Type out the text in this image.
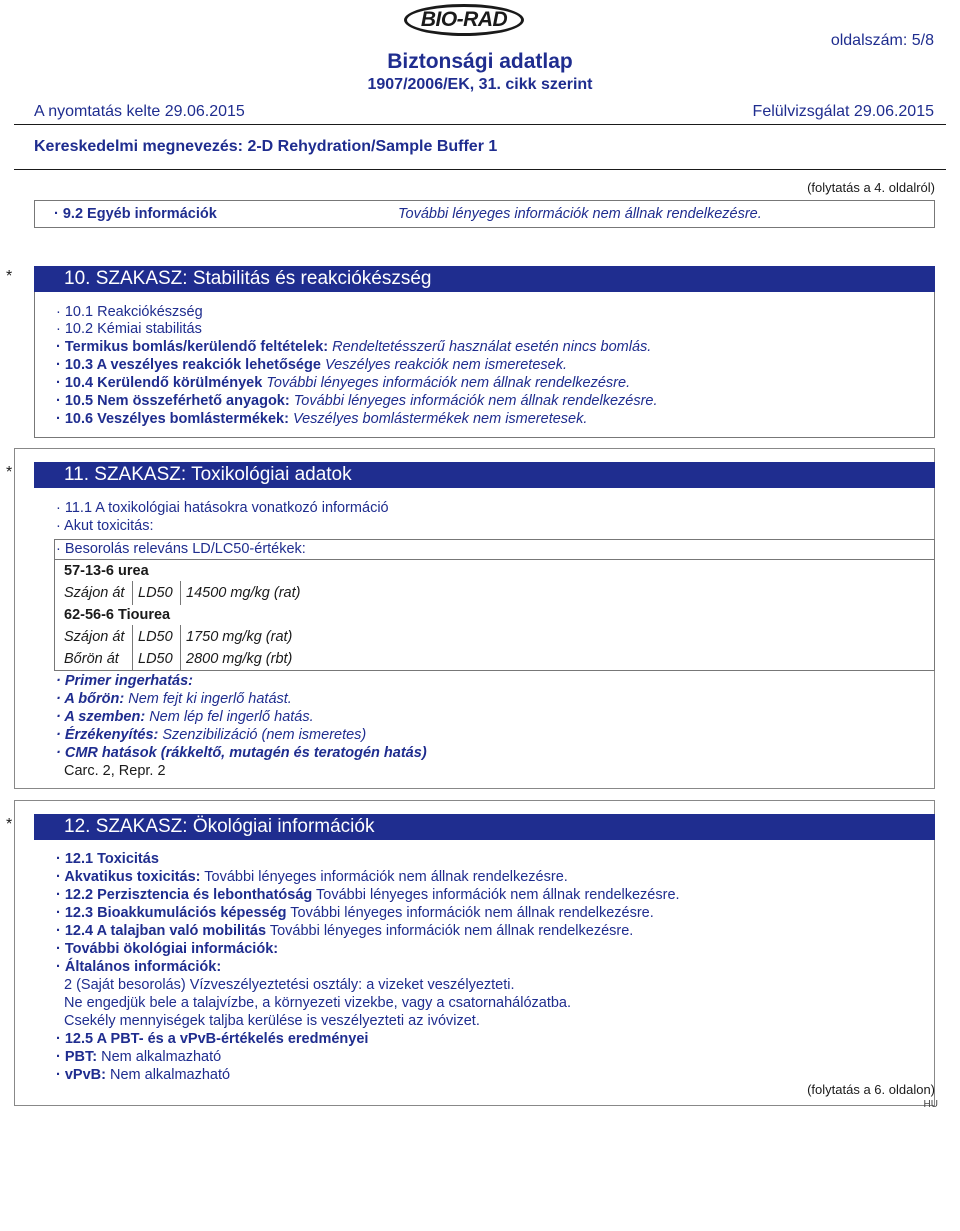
BIO-RAD
oldalszám: 5/8
Biztonsági adatlap
1907/2006/EK, 31. cikk szerint
A nyomtatás kelte 29.06.2015	Felülvizsgálat 29.06.2015
Kereskedelmi megnevezés: 2-D Rehydration/Sample Buffer 1
(folytatás a 4. oldalról)
· 9.2 Egyéb információk	További lényeges információk nem állnak rendelkezésre.
*	10. SZAKASZ: Stabilitás és reakciókészség
· 10.1 Reakciókészség
· 10.2 Kémiai stabilitás
· Termikus bomlás/kerülendő feltételek: Rendeltetésszerű használat esetén nincs bomlás.
· 10.3 A veszélyes reakciók lehetősége Veszélyes reakciók nem ismeretesek.
· 10.4 Kerülendő körülmények További lényeges információk nem állnak rendelkezésre.
· 10.5 Nem összeférhető anyagok: További lényeges információk nem állnak rendelkezésre.
· 10.6 Veszélyes bomlástermékek: Veszélyes bomlástermékek nem ismeretesek.
*	11. SZAKASZ: Toxikológiai adatok
· 11.1 A toxikológiai hatásokra vonatkozó információ
· Akut toxicitás:
· Besorolás releváns LD/LC50-értékek:
57-13-6 urea
Szájon át LD50 14500 mg/kg (rat)
62-56-6 Tiourea
Szájon át LD50 1750 mg/kg (rat)
Bőrön át LD50 2800 mg/kg (rbt)
· Primer ingerhatás:
· A bőrön: Nem fejt ki ingerlő hatást.
· A szemben: Nem lép fel ingerlő hatás.
· Érzékenyítés: Szenzibilizáció (nem ismeretes)
· CMR hatások (rákkeltő, mutagén és teratogén hatás)
Carc. 2, Repr. 2
*	12. SZAKASZ: Ökológiai információk
· 12.1 Toxicitás
· Akvatikus toxicitás: További lényeges információk nem állnak rendelkezésre.
· 12.2 Perzisztencia és lebonthatóság További lényeges információk nem állnak rendelkezésre.
· 12.3 Bioakkumulációs képesség További lényeges információk nem állnak rendelkezésre.
· 12.4 A talajban való mobilitás További lényeges információk nem állnak rendelkezésre.
· További ökológiai információk:
· Általános információk:
2 (Saját besorolás) Vízveszélyeztetési osztály: a vizeket veszélyezteti.
Ne engedjük bele a talajvízbe, a környezeti vizekbe, vagy a csatornahálózatba.
Csekély mennyiségek taljba kerülése is veszélyezteti az ivóvizet.
· 12.5 A PBT- és a vPvB-értékelés eredményei
· PBT: Nem alkalmazható
· vPvB: Nem alkalmazható
(folytatás a 6. oldalon)
HU
